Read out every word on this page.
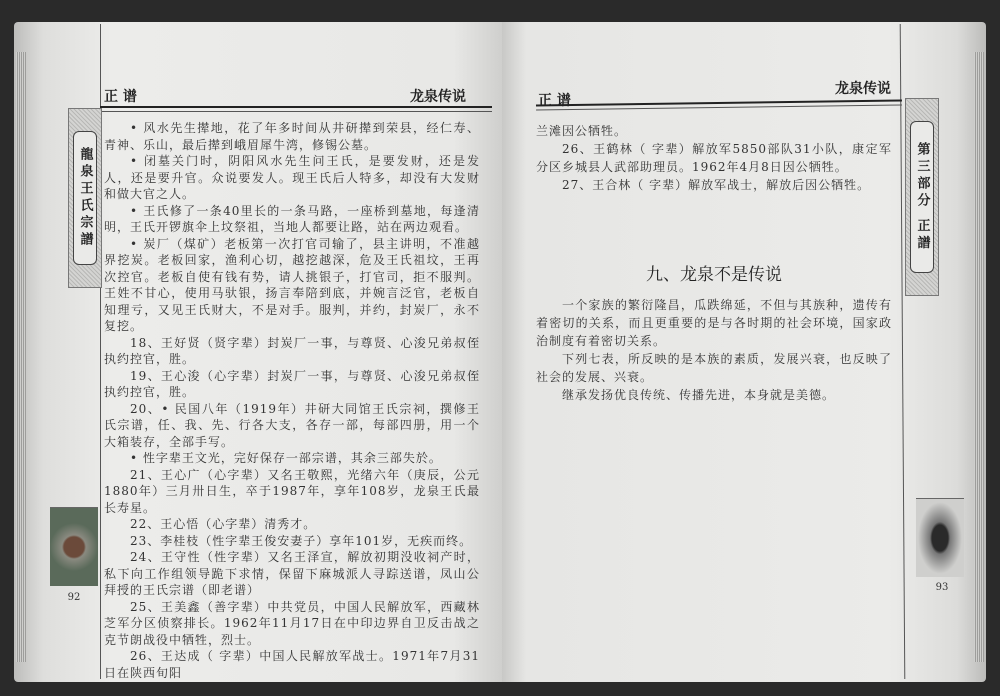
正 谱	龙泉传说
龍泉王氏宗譜
92

• 风水先生撵地，花了年多时间从井研撵到荣县，经仁寿、青神、乐山，最后撵到峨眉犀牛湾，修锡公墓。

• 闭墓关门时，阴阳风水先生问王氏，是要发财，还是发人，还是要升官。众说要发人。现王氏后人特多，却没有大发财和做大官之人。

• 王氏修了一条40里长的一条马路，一座桥到墓地，每逢清明，王氏开锣旗伞上坟祭祖，当地人都要让路，站在两边观看。

• 炭厂（煤矿）老板第一次打官司输了，县主讲明，不准越界挖炭。老板回家，渔利心切，越挖越深，危及王氏祖坟，王再次控官。老板自使有钱有势，请人挑银子，打官司，拒不服判。王姓不甘心，使用马驮银，扬言奉陪到底，并婉言泛官，老板自知理亏，又见王氏财大，不是对手。服判，并约，封炭厂，永不复挖。

18、王好贤（贤字辈）封炭厂一事，与尊贤、心浚兄弟叔侄执约控官，胜。

19、王心浚（心字辈）封炭厂一事，与尊贤、心浚兄弟叔侄执约控官，胜。

20、• 民国八年（1919年）井研大同馆王氏宗祠，撰修王氏宗谱，任、我、先、行各大支，各存一部，每部四册，用一个大箱装存，全部手写。

• 性字辈王文光，完好保存一部宗谱，其余三部失於。

21、王心广（心字辈）又名王敬熙，光绪六年（庚辰，公元1880年）三月卅日生，卒于1987年，享年108岁，龙泉王氏最长寿星。

22、王心悟（心字辈）清秀才。

23、李桂枝（性字辈王俊安妻子）享年101岁，无疾而终。

24、王守性（性字辈）又名王泽宣，解放初期没收祠产时，私下向工作组领导跪下求情，保留下麻城派人寻踪送谱，凤山公拜授的王氏宗谱（即老谱）

25、王美鑫（善字辈）中共党员，中国人民解放军，西藏林芝军分区侦察排长。1962年11月17日在中印边界自卫反击战之克节朗战役中牺牲，烈士。

26、王达成（ 字辈）中国人民解放军战士。1971年7月31日在陕西旬阳

正 谱
龙泉传说
第三部分 正譜
93

兰滩因公牺牲。

26、王鹤林（ 字辈）解放军5850部队31小队，康定军分区乡城县人武部助理员。1962年4月8日因公牺牲。

27、王合林（ 字辈）解放军战士，解放后因公牺牲。

九、龙泉不是传说

一个家族的繁衍隆昌，瓜跌绵延，不但与其族种，遗传有着密切的关系，而且更重要的是与各时期的社会环境，国家政治制度有着密切关系。

下列七表，所反映的是本族的素质，发展兴衰，也反映了社会的发展、兴衰。

继承发扬优良传统、传播先进，本身就是美德。
